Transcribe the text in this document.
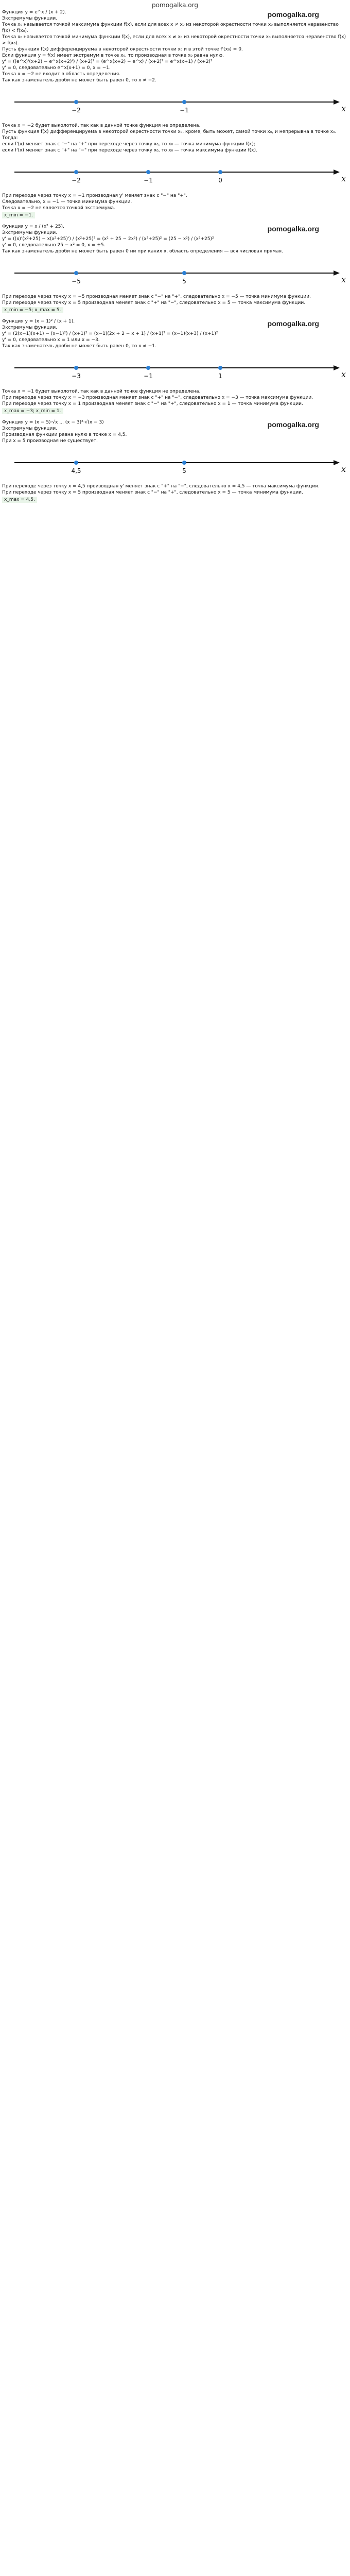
pomogalka.org

Функция y = e^x / (x + 2).

Экстремумы функции.

Точка x₀ называется точкой максимума функции f(x), если для всех x ≠ x₀ из некоторой окрестности точки x₀ выполняется неравенство f(x) < f(x₀).

Точка x₀ называется точкой минимума функции f(x), если для всех x ≠ x₀ из некоторой окрестности точки x₀ выполняется неравенство f(x) > f(x₀).

Пусть функция f(x) дифференцируема в некоторой окрестности точки x₀ и в этой точке f'(x₀) = 0.

Если функция y = f(x) имеет экстремум в точке x₀, то производная в точке x₀ равна нулю.

y' = ((e^x)'(x+2) − e^x(x+2)') / (x+2)² = (e^x(x+2) − e^x) / (x+2)² = e^x(x+1) / (x+2)²

y' = 0, следовательно e^x(x+1) = 0, x = −1.

Точка x = −2 не входит в область определения.

Так как знаменатель дроби не может быть равен 0, то x ≠ −2.

−2	−1	x

Точка x = −2 будет выколотой, так как в данной точке функция не определена.

Пусть функция f(x) дифференцируема в некоторой окрестности точки x₀, кроме, быть может, самой точки x₀, и непрерывна в точке x₀. Тогда:

если f'(x) меняет знак с "−" на "+" при переходе через точку x₀, то x₀ — точка минимума функции f(x);

если f'(x) меняет знак с "+" на "−" при переходе через точку x₀, то x₀ — точка максимума функции f(x).

−2	−1	0	x

При переходе через точку x = −1 производная y' меняет знак с "−" на "+".

Следовательно, x = −1 — точка минимума функции.

Точка x = −2 не является точкой экстремума.

x_min = −1.
pomogalka.org

Функция y = x / (x² + 25).

Экстремумы функции.

y' = ((x)'(x²+25) − x(x²+25)') / (x²+25)² = (x² + 25 − 2x²) / (x²+25)² = (25 − x²) / (x²+25)²

y' = 0, следовательно 25 − x² = 0, x = ±5.

Так как знаменатель дроби не может быть равен 0 ни при каких x, область определения — вся числовая прямая.

−5	5	x

При переходе через точку x = −5 производная меняет знак с "−" на "+", следовательно x = −5 — точка минимума функции.

При переходе через точку x = 5 производная меняет знак с "+" на "−", следовательно x = 5 — точка максимума функции.

x_min = −5; x_max = 5.
pomogalka.org

Функция y = (x − 1)² / (x + 1).

Экстремумы функции.

y' = (2(x−1)(x+1) − (x−1)²) / (x+1)² = (x−1)(2x + 2 − x + 1) / (x+1)² = (x−1)(x+3) / (x+1)²

y' = 0, следовательно x = 1 или x = −3.

Так как знаменатель дроби не может быть равен 0, то x ≠ −1.

−3	−1	1	x

Точка x = −1 будет выколотой, так как в данной точке функция не определена.

При переходе через точку x = −3 производная меняет знак с "+" на "−", следовательно x = −3 — точка максимума функции.

При переходе через точку x = 1 производная меняет знак с "−" на "+", следовательно x = 1 — точка минимума функции.

x_max = −3; x_min = 1.
pomogalka.org

Функция y = (x − 5)·√x ... (x − 3)²·√(x − 3)

Экстремумы функции.

Производная функции равна нулю в точке x = 4,5.

При x = 5 производная не существует.

4,5	5	x

При переходе через точку x = 4,5 производная y' меняет знак с "+" на "−", следовательно x = 4,5 — точка максимума функции.

При переходе через точку x = 5 производная меняет знак с "−" на "+", следовательно x = 5 — точка минимума функции.

x_max = 4,5.
pomogalka.org
